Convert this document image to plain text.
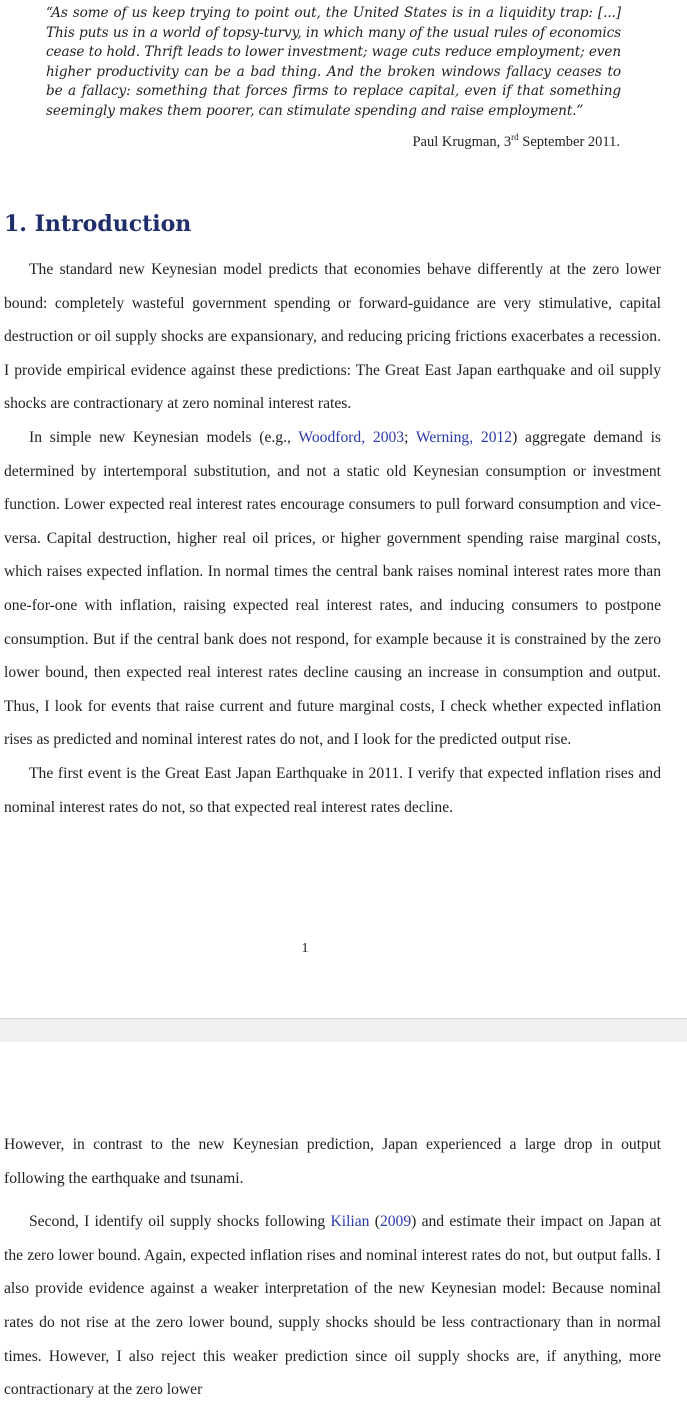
“As some of us keep trying to point out, the United States is in a liquidity trap: [...] This puts us in a world of topsy-turvy, in which many of the usual rules of economics cease to hold. Thrift leads to lower investment; wage cuts reduce employment; even higher productivity can be a bad thing. And the broken windows fallacy ceases to be a fallacy: something that forces firms to replace capital, even if that something seemingly makes them poorer, can stimulate spending and raise employment.”
Paul Krugman, 3rd September 2011.
1. Introduction

The standard new Keynesian model predicts that economies behave differently at the zero lower bound: completely wasteful government spending or forward-guidance are very stimulative, capital destruction or oil supply shocks are expansionary, and reducing pricing frictions exacerbates a recession. I provide empirical evidence against these predictions: The Great East Japan earthquake and oil supply shocks are contractionary at zero nominal interest rates.

In simple new Keynesian models (e.g., Woodford, 2003; Werning, 2012) aggregate demand is determined by intertemporal substitution, and not a static old Keynesian consumption or investment function. Lower expected real interest rates encourage consumers to pull forward consumption and vice-versa. Capital destruction, higher real oil prices, or higher government spending raise marginal costs, which raises expected inflation. In normal times the central bank raises nominal interest rates more than one-for-one with inflation, raising expected real interest rates, and inducing consumers to postpone consumption. But if the central bank does not respond, for example because it is constrained by the zero lower bound, then expected real interest rates decline causing an increase in consumption and output. Thus, I look for events that raise current and future marginal costs, I check whether expected inflation rises as predicted and nominal interest rates do not, and I look for the predicted output rise.

The first event is the Great East Japan Earthquake in 2011. I verify that expected inflation rises and nominal interest rates do not, so that expected real interest rates decline.

1

However, in contrast to the new Keynesian prediction, Japan experienced a large drop in output following the earthquake and tsunami.

Second, I identify oil supply shocks following Kilian (2009) and estimate their impact on Japan at the zero lower bound. Again, expected inflation rises and nominal interest rates do not, but output falls. I also provide evidence against a weaker interpretation of the new Keynesian model: Because nominal rates do not rise at the zero lower bound, supply shocks should be less contractionary than in normal times. However, I also reject this weaker prediction since oil supply shocks are, if anything, more contractionary at the zero lower
